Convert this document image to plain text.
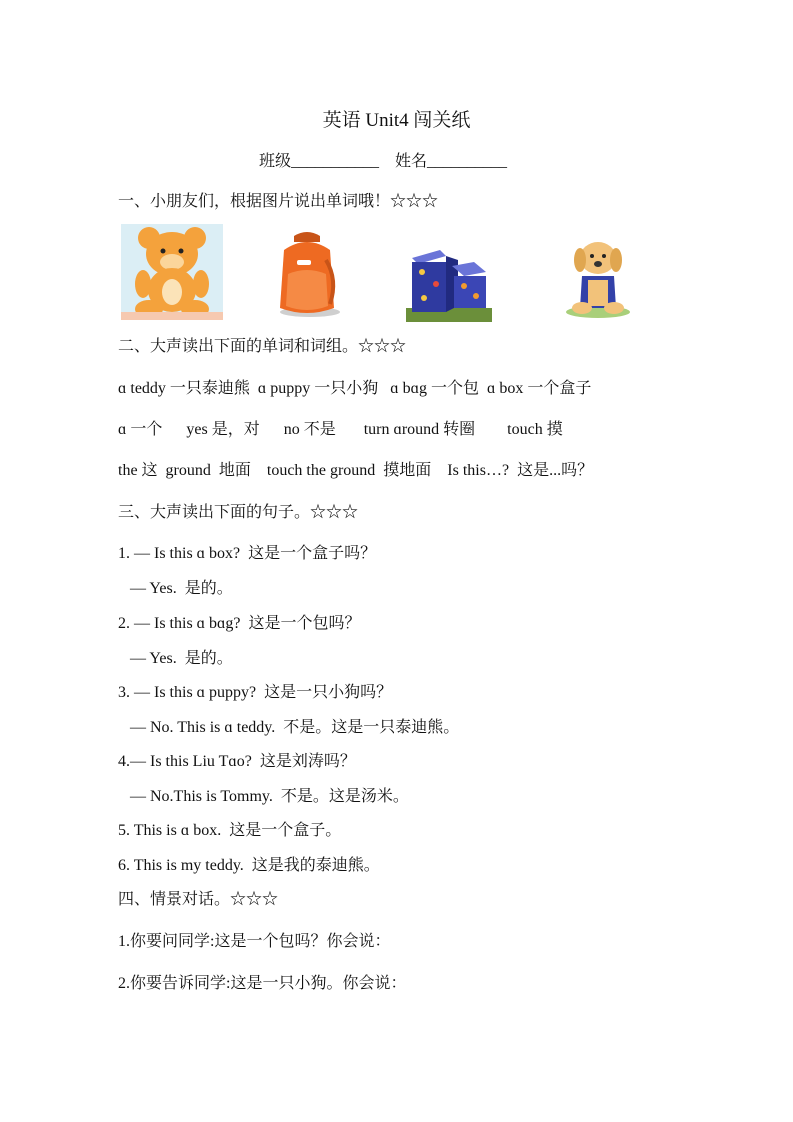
英语 Unit4 闯关纸
班级___________    姓名__________
一、小朋友们，根据图片说出单词哦！☆☆☆
二、大声读出下面的单词和词组。☆☆☆
ɑ teddy 一只泰迪熊  ɑ puppy 一只小狗   ɑ bɑg 一个包  ɑ box 一个盒子
ɑ 一个      yes 是，对      no 不是       turn ɑround 转圈        touch 摸
the 这  ground  地面    touch the ground  摸地面    Is this…?  这是...吗？
三、大声读出下面的句子。☆☆☆
1. — Is this ɑ box?  这是一个盒子吗？
— Yes.  是的。
2. — Is this ɑ bɑg?  这是一个包吗？
— Yes.  是的。
3. — Is this ɑ puppy?  这是一只小狗吗？
— No. This is ɑ teddy.  不是。这是一只泰迪熊。
4.— Is this Liu Tɑo?  这是刘涛吗？
— No.This is Tommy.  不是。这是汤米。
5. This is ɑ box.  这是一个盒子。
6. This is my teddy.  这是我的泰迪熊。
四、情景对话。☆☆☆
1.你要问同学:这是一个包吗？你会说：
2.你要告诉同学:这是一只小狗。你会说：
